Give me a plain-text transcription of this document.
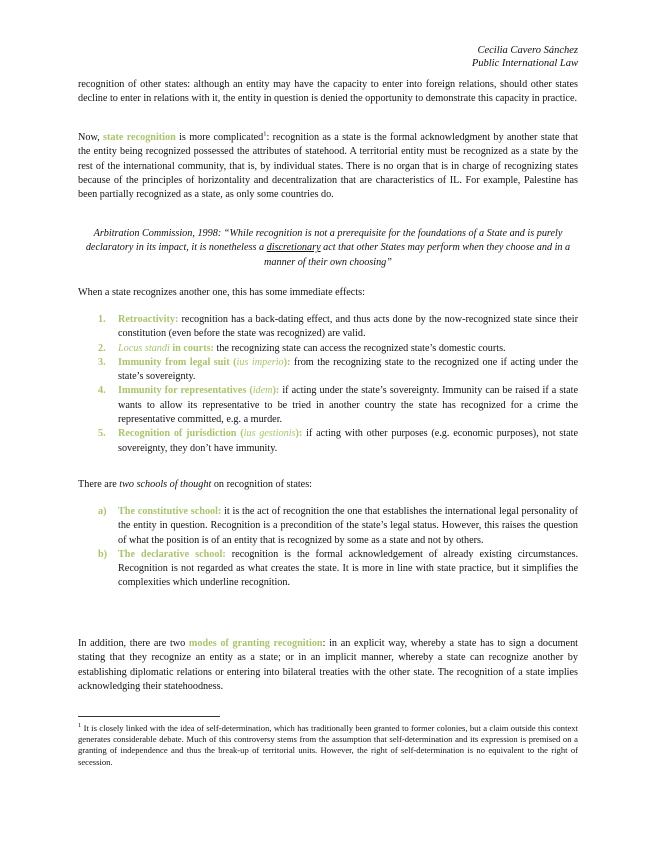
Cecilia Cavero Sánchez
Public International Law

recognition of other states: although an entity may have the capacity to enter into foreign relations, should other states decline to enter in relations with it, the entity in question is denied the opportunity to demonstrate this capacity in practice.

Now, state recognition is more complicated$^1$: recognition as a state is the formal acknowledgment by another state that the entity being recognized possessed the attributes of statehood. A territorial entity must be recognized as a state by the rest of the international community, that is, by individual states. There is no organ that is in charge of recognizing states because of the principles of horizontality and decentralization that are characteristics of IL. For example, Palestine has been partially recognized as a state, as only some countries do.

Arbitration Commission, 1998: “While recognition is not a prerequisite for the foundations of a State and is purely declaratory in its impact, it is nonetheless a discretionary act that other States may perform when they choose and in a manner of their own choosing”

When a state recognizes another one, this has some immediate effects:

1. Retroactivity: recognition has a back-dating effect, and thus acts done by the now-recognized state since their constitution (even before the state was recognized) are valid.
2. Locus standi in courts: the recognizing state can access the recognized state’s domestic courts.
3. Immunity from legal suit (ius imperio): from the recognizing state to the recognized one if acting under the state’s sovereignty.
4. Immunity for representatives (idem): if acting under the state’s sovereignty. Immunity can be raised if a state wants to allow its representative to be tried in another country the state has recognized for a crime the representative committed, e.g. a murder.
5. Recognition of jurisdiction (ius gestionis): if acting with other purposes (e.g. economic purposes), not state sovereignty, they don’t have immunity.

There are two schools of thought on recognition of states:

a) The constitutive school: it is the act of recognition the one that establishes the international legal personality of the entity in question. Recognition is a precondition of the state’s legal status. However, this raises the question of what the position is of an entity that is recognized by some as a state and not by others.
b) The declarative school: recognition is the formal acknowledgement of already existing circumstances. Recognition is not regarded as what creates the state. It is more in line with state practice, but it simplifies the complexities which underline recognition.

In addition, there are two modes of granting recognition: in an explicit way, whereby a state has to sign a document stating that they recognize an entity as a state; or in an implicit manner, whereby a state can recognize another by establishing diplomatic relations or entering into bilateral treaties with the other state. The recognition of a state implies acknowledging their statehoodness.

$^1$ It is closely linked with the idea of self-determination, which has traditionally been granted to former colonies, but a claim outside this context generates considerable debate. Much of this controversy stems from the assumption that self-determination and its expression is premised on a granting of independence and thus the break-up of territorial units. However, the right of self-determination is no equivalent to the right of secession.
